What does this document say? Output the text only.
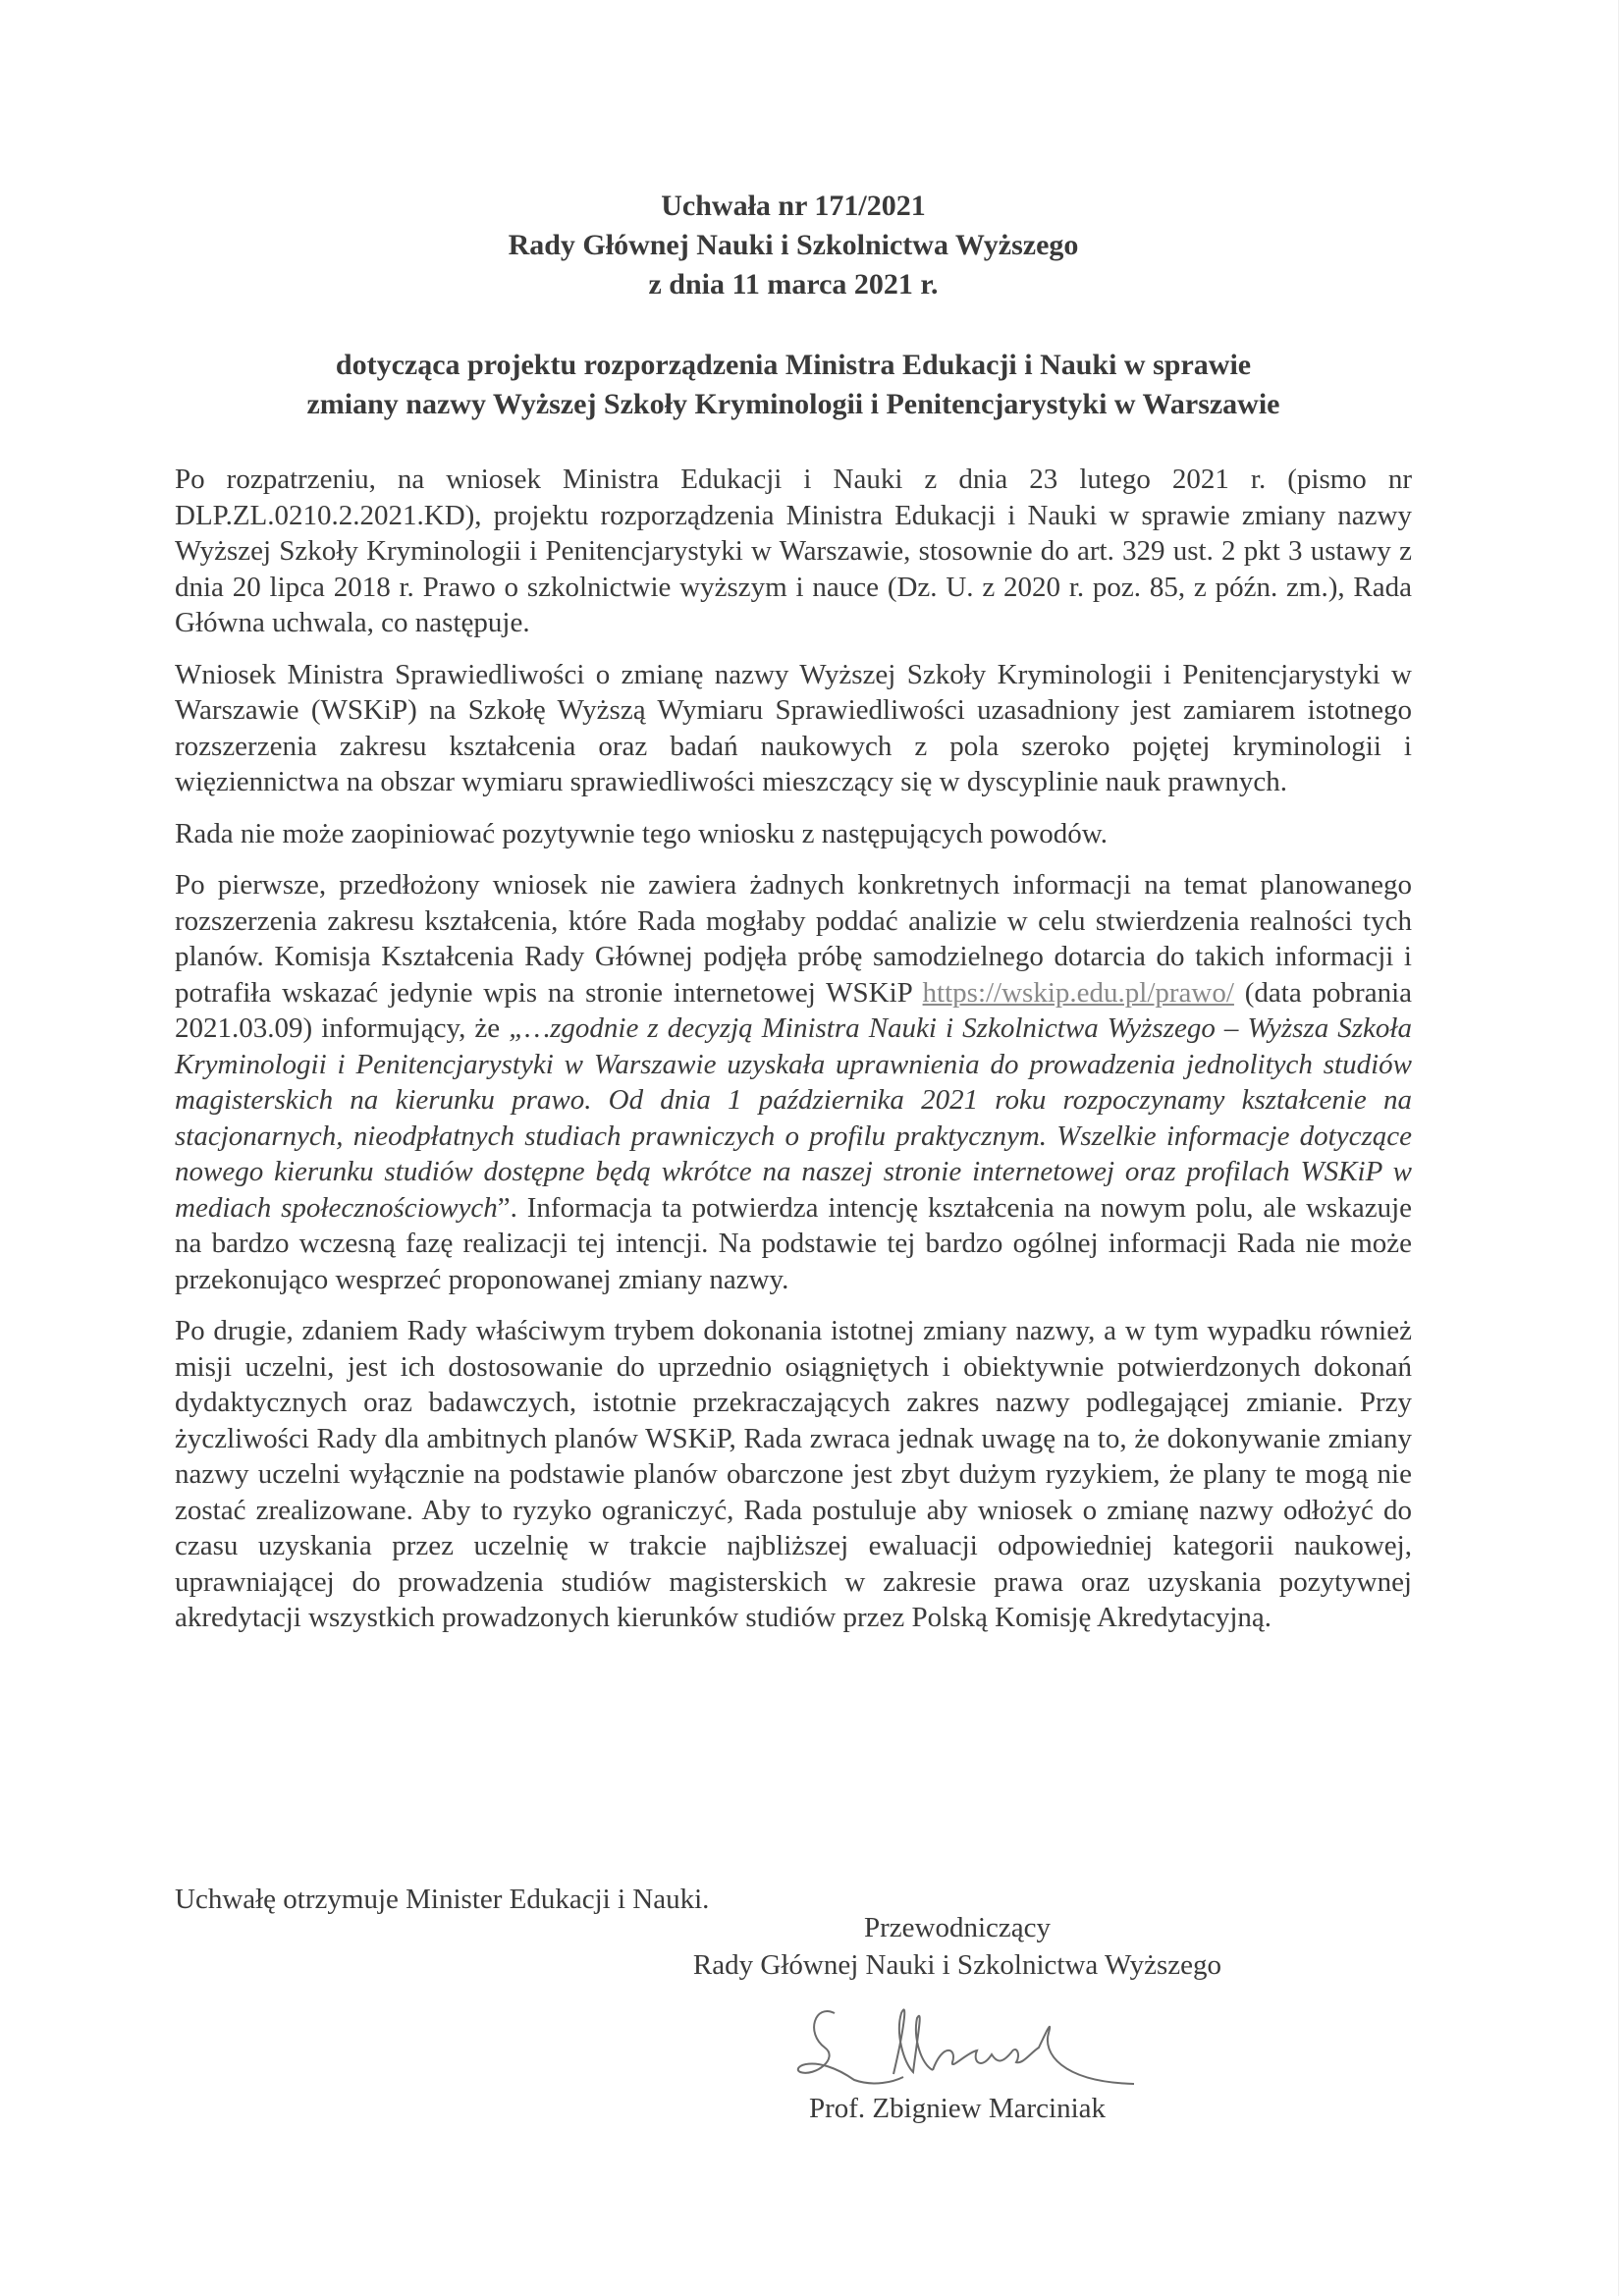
Uchwała nr 171/2021
Rady Głównej Nauki i Szkolnictwa Wyższego
z dnia 11 marca 2021 r.
dotycząca projektu rozporządzenia Ministra Edukacji i Nauki w sprawie
zmiany nazwy Wyższej Szkoły Kryminologii i Penitencjarystyki w Warszawie

Po rozpatrzeniu, na wniosek Ministra Edukacji i Nauki z dnia 23 lutego 2021 r. (pismo nr DLP.ZL.0210.2.2021.KD), projektu rozporządzenia Ministra Edukacji i Nauki w sprawie zmiany nazwy Wyższej Szkoły Kryminologii i Penitencjarystyki w Warszawie, stosownie do art. 329 ust. 2 pkt 3 ustawy z dnia 20 lipca 2018 r. Prawo o szkolnictwie wyższym i nauce (Dz. U. z 2020 r. poz. 85, z późn. zm.), Rada Główna uchwala, co następuje.

Wniosek Ministra Sprawiedliwości o zmianę nazwy Wyższej Szkoły Kryminologii i Penitencjarystyki w Warszawie (WSKiP) na Szkołę Wyższą Wymiaru Sprawiedliwości uzasadniony jest zamiarem istotnego rozszerzenia zakresu kształcenia oraz badań naukowych z pola szeroko pojętej kryminologii i więziennictwa na obszar wymiaru sprawiedliwości mieszczący się w dyscyplinie nauk prawnych.

Rada nie może zaopiniować pozytywnie tego wniosku z następujących powodów.

Po pierwsze, przedłożony wniosek nie zawiera żadnych konkretnych informacji na temat planowanego rozszerzenia zakresu kształcenia, które Rada mogłaby poddać analizie w celu stwierdzenia realności tych planów. Komisja Kształcenia Rady Głównej podjęła próbę samodzielnego dotarcia do takich informacji i potrafiła wskazać jedynie wpis na stronie internetowej WSKiP https://wskip.edu.pl/prawo/ (data pobrania 2021.03.09) informujący, że „…zgodnie z decyzją Ministra Nauki i Szkolnictwa Wyższego – Wyższa Szkoła Kryminologii i Penitencjarystyki w Warszawie uzyskała uprawnienia do prowadzenia jednolitych studiów magisterskich na kierunku prawo. Od dnia 1 października 2021 roku rozpoczynamy kształcenie na stacjonarnych, nieodpłatnych studiach prawniczych o profilu praktycznym. Wszelkie informacje dotyczące nowego kierunku studiów dostępne będą wkrótce na naszej stronie internetowej oraz profilach WSKiP w mediach społecznościowych”. Informacja ta potwierdza intencję kształcenia na nowym polu, ale wskazuje na bardzo wczesną fazę realizacji tej intencji. Na podstawie tej bardzo ogólnej informacji Rada nie może przekonująco wesprzeć proponowanej zmiany nazwy.

Po drugie, zdaniem Rady właściwym trybem dokonania istotnej zmiany nazwy, a w tym wypadku również misji uczelni, jest ich dostosowanie do uprzednio osiągniętych i obiektywnie potwierdzonych dokonań dydaktycznych oraz badawczych, istotnie przekraczających zakres nazwy podlegającej zmianie. Przy życzliwości Rady dla ambitnych planów WSKiP, Rada zwraca jednak uwagę na to, że dokonywanie zmiany nazwy uczelni wyłącznie na podstawie planów obarczone jest zbyt dużym ryzykiem, że plany te mogą nie zostać zrealizowane. Aby to ryzyko ograniczyć, Rada postuluje aby wniosek o zmianę nazwy odłożyć do czasu uzyskania przez uczelnię w trakcie najbliższej ewaluacji odpowiedniej kategorii naukowej, uprawniającej do prowadzenia studiów magisterskich w zakresie prawa oraz uzyskania pozytywnej akredytacji wszystkich prowadzonych kierunków studiów przez Polską Komisję Akredytacyjną.

Uchwałę otrzymuje Minister Edukacji i Nauki.
Przewodniczący
Rady Głównej Nauki i Szkolnictwa Wyższego
Prof. Zbigniew Marciniak
